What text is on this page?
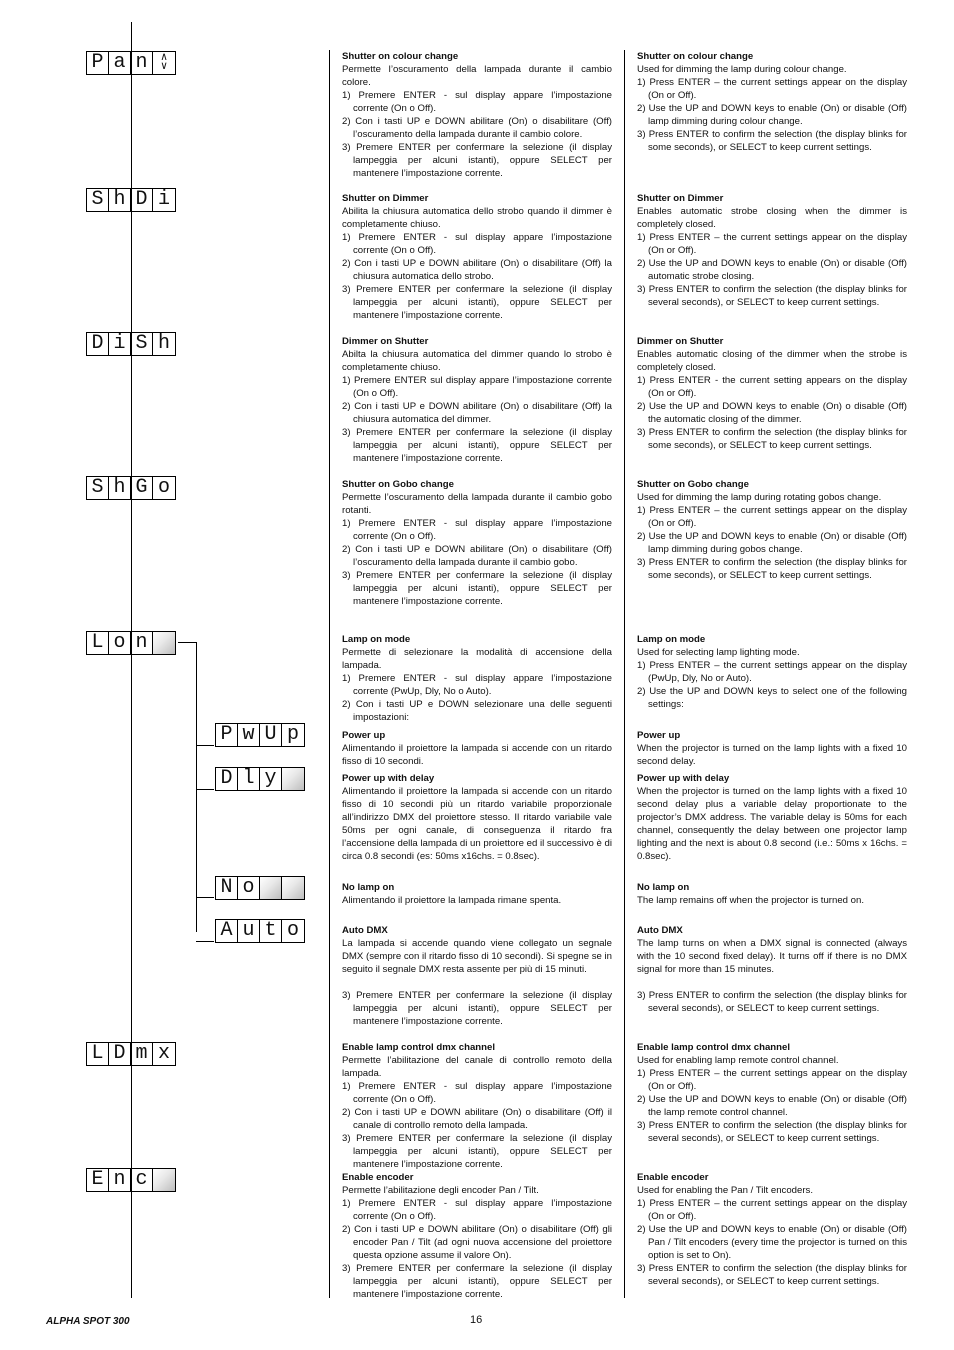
P a n	∧
∨
S h D i
D i S h
S h G o
L o n
P w U p
D l y
N o
A u t o
L D m x
E n c

Shutter on colour change

Permette l’oscuramento della lampada durante il cambio colore.

1) Premere ENTER - sul display appare l’impostazione corrente (On o Off).

2) Con i tasti UP e DOWN abilitare (On) o disabilitare (Off) l’oscuramento della lampada durante il cambio colore.

3) Premere ENTER per confermare la selezione (il display lampeggia per alcuni istanti), oppure SELECT per mantenere l’impostazione corrente.

Shutter on Dimmer

Abilita la chiusura automatica dello strobo quando il dimmer è completamente chiuso.

1) Premere ENTER - sul display appare l’impostazione corrente (On o Off).

2) Con i tasti UP e DOWN abilitare (On) o disabilitare (Off) la chiusura automatica dello strobo.

3) Premere ENTER per confermare la selezione (il display lampeggia per alcuni istanti), oppure SELECT per mantenere l’impostazione corrente.

Dimmer on Shutter

Abilta la chiusura automatica del dimmer quando lo strobo è completamente chiuso.

1) Premere ENTER sul display appare l’impostazione corrente (On o Off).

2) Con i tasti UP e DOWN abilitare (On) o disabilitare (Off) la chiusura automatica del dimmer.

3) Premere ENTER per confermare la selezione (il display lampeggia per alcuni istanti), oppure SELECT per mantenere l’impostazione corrente.

Shutter on Gobo change

Permette l’oscuramento della lampada durante il cambio gobo rotanti.

1) Premere ENTER - sul display appare l’impostazione corrente (On o Off).

2) Con i tasti UP e DOWN abilitare (On) o disabilitare (Off) l’oscuramento della lampada durante il cambio gobo.

3) Premere ENTER per confermare la selezione (il display lampeggia per alcuni istanti), oppure SELECT per mantenere l’impostazione corrente.

Lamp on mode

Permette di selezionare la modalità di accensione della lampada.

1) Premere ENTER - sul display appare l’impostazione corrente (PwUp, Dly, No o Auto).

2) Con i tasti UP e DOWN selezionare una delle seguenti impostazioni:

Power up

Alimentando il proiettore la lampada si accende con un ritardo fisso di 10 secondi.

Power up with delay

Alimentando il proiettore la lampada si accende con un ritardo fisso di 10 secondi più un ritardo variabile proporzionale all’indirizzo DMX del proiettore stesso. Il ritardo variabile vale 50ms per ogni canale, di conseguenza il ritardo fra l’accensione della lampada di un proiettore ed il successivo è di circa 0.8 secondi (es: 50ms x16chs. = 0.8sec).

No lamp on

Alimentando il proiettore la lampada rimane spenta.

Auto DMX

La lampada si accende quando viene collegato un segnale DMX (sempre con il ritardo fisso di 10 secondi). Si spegne se in seguito il segnale DMX resta assente per più di 15 minuti.

3) Premere ENTER per confermare la selezione (il display lampeggia per alcuni istanti), oppure SELECT per mantenere l’impostazione corrente.

Enable lamp control dmx channel

Permette l’abilitazione del canale di controllo remoto della lampada.

1) Premere ENTER - sul display appare l’impostazione corrente (On o Off).

2) Con i tasti UP e DOWN abilitare (On) o disabilitare (Off) il canale di controllo remoto della lampada.

3) Premere ENTER per confermare la selezione (il display lampeggia per alcuni istanti), oppure SELECT per mantenere l’impostazione corrente.

Enable encoder

Permette l’abilitazione degli encoder Pan / Tilt.

1) Premere ENTER - sul display appare l’impostazione corrente (On o Off).

2) Con i tasti UP e DOWN abilitare (On) o disabilitare (Off) gli encoder Pan / Tilt (ad ogni nuova accensione del proiettore questa opzione assume il valore On).

3) Premere ENTER per confermare la selezione (il display lampeggia per alcuni istanti), oppure SELECT per mantenere l’impostazione corrente.

Shutter on colour change

Used for dimming the lamp during colour change.

1) Press ENTER – the current settings appear on the display (On or Off).

2) Use the UP and DOWN keys to enable (On) or disable (Off) lamp dimming during colour change.

3) Press ENTER to confirm the selection (the display blinks for some seconds), or SELECT to keep current settings.

Shutter on Dimmer

Enables automatic strobe closing when the dimmer is completely closed.

1) Press ENTER – the current settings appear on the display (On or Off).

2) Use the UP and DOWN keys to enable (On) or disable (Off) automatic strobe closing.

3) Press ENTER to confirm the selection (the display blinks for several seconds), or SELECT to keep current settings.

Dimmer on Shutter

Enables automatic closing of the dimmer when the strobe is completely closed.

1) Press ENTER - the current setting appears on the display (On or Off).

2) Use the UP and DOWN keys to enable (On) o disable (Off) the automatic closing of the dimmer.

3) Press ENTER to confirm the selection (the display blinks for some seconds), or SELECT to keep current settings.

Shutter on Gobo change

Used for dimming the lamp during rotating gobos change.

1) Press ENTER – the current settings appear on the display (On or Off).

2) Use the UP and DOWN keys to enable (On) or disable (Off) lamp dimming during gobos change.

3) Press ENTER to confirm the selection (the display blinks for some seconds), or SELECT to keep current settings.

Lamp on mode

Used for selecting lamp lighting mode.

1) Press ENTER – the current settings appear on the display (PwUp, Dly, No or Auto).

2) Use the UP and DOWN keys to select one of the following settings:

Power up

When the projector is turned on the lamp lights with a fixed 10 second delay.

Power up with delay

When the projector is turned on the lamp lights with a fixed 10 second delay plus a variable delay proportionate to the projector’s DMX address. The variable delay is 50ms for each channel, consequently the delay between one projector lamp lighting and the next is about 0.8 second (i.e.: 50ms x 16chs. = 0.8sec).

No lamp on

The lamp remains off when the projector is turned on.

Auto DMX

The lamp turns on when a DMX signal is connected (always with the 10 second fixed delay). It turns off if there is no DMX signal for more than 15 minutes.

3) Press ENTER to confirm the selection (the display blinks for several seconds), or SELECT to keep current settings.

Enable lamp control dmx channel

Used for enabling lamp remote control channel.

1) Press ENTER – the current settings appear on the display (On or Off).

2) Use the UP and DOWN keys to enable (On) or disable (Off) the lamp remote control channel.

3) Press ENTER to confirm the selection (the display blinks for several seconds), or SELECT to keep current settings.

Enable encoder

Used for enabling the Pan / Tilt encoders.

1) Press ENTER – the current settings appear on the display (On or Off).

2) Use the UP and DOWN keys to enable (On) or disable (Off) Pan / Tilt encoders (every time the projector is turned on this option is set to On).

3) Press ENTER to confirm the selection (the display blinks for several seconds), or SELECT to keep current settings.

ALPHA SPOT 300	16
